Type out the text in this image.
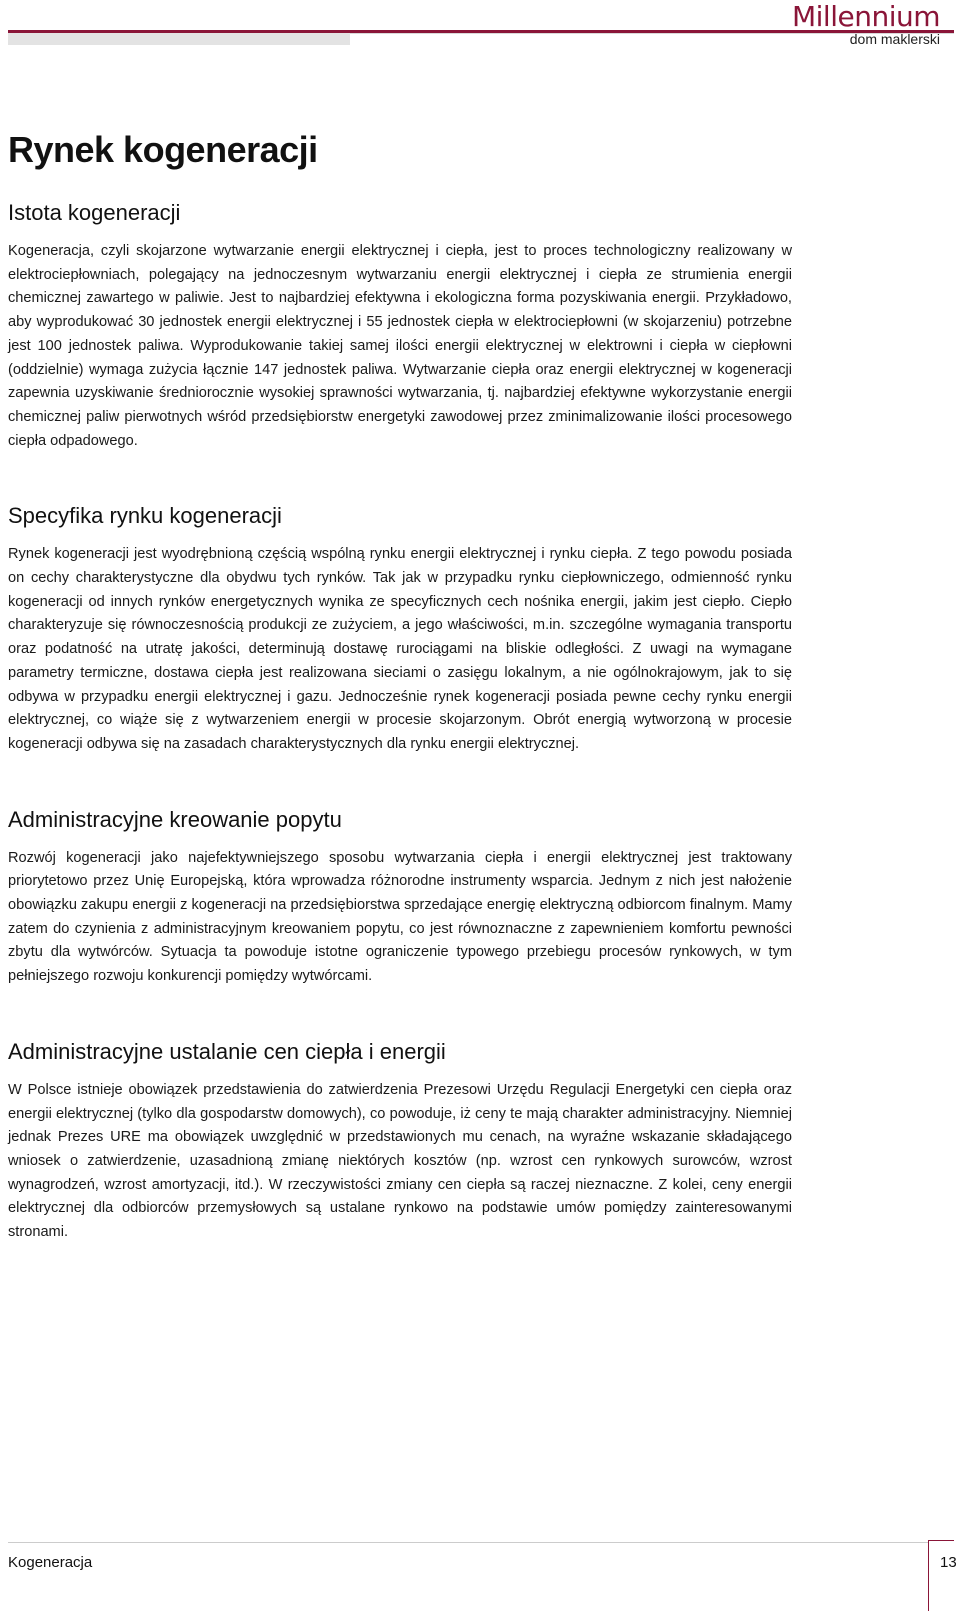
Millennium
dom maklerski
Rynek kogeneracji
Istota kogeneracji

Kogeneracja, czyli skojarzone wytwarzanie energii elektrycznej i ciepła, jest to proces technologiczny realizowany w elektrociepłowniach, polegający na jednoczesnym wytwarzaniu energii elektrycznej i ciepła ze strumienia energii chemicznej zawartego w paliwie. Jest to najbardziej efektywna i ekologiczna forma pozyskiwania energii. Przykładowo, aby wyprodukować 30 jednostek energii elektrycznej i 55 jednostek ciepła w elektrociepłowni (w skojarzeniu) potrzebne jest 100 jednostek paliwa. Wyprodukowanie takiej samej ilości energii elektrycznej w elektrowni i ciepła w ciepłowni (oddzielnie) wymaga zużycia łącznie 147 jednostek paliwa. Wytwarzanie ciepła oraz energii elektrycznej w kogeneracji zapewnia uzyskiwanie średniorocznie wysokiej sprawności wytwarzania, tj. najbardziej efektywne wykorzystanie energii chemicznej paliw pierwotnych wśród przedsiębiorstw energetyki zawodowej przez zminimalizowanie ilości procesowego ciepła odpadowego.

Specyfika rynku kogeneracji

Rynek kogeneracji jest wyodrębnioną częścią wspólną rynku energii elektrycznej i rynku ciepła. Z tego powodu posiada on cechy charakterystyczne dla obydwu tych rynków. Tak jak w przypadku rynku ciepłowniczego, odmienność rynku kogeneracji od innych rynków energetycznych wynika ze specyficznych cech nośnika energii, jakim jest ciepło. Ciepło charakteryzuje się równoczesnością produkcji ze zużyciem, a jego właściwości, m.in. szczególne wymagania transportu oraz podatność na utratę jakości, determinują dostawę rurociągami na bliskie odległości. Z uwagi na wymagane parametry termiczne, dostawa ciepła jest realizowana sieciami o zasięgu lokalnym, a nie ogólnokrajowym, jak to się odbywa w przypadku energii elektrycznej i gazu. Jednocześnie rynek kogeneracji posiada pewne cechy rynku energii elektrycznej, co wiąże się z wytwarzeniem energii w procesie skojarzonym. Obrót energią wytworzoną w procesie kogeneracji odbywa się na zasadach charakterystycznych dla rynku energii elektrycznej.

Administracyjne kreowanie popytu

Rozwój kogeneracji jako najefektywniejszego sposobu wytwarzania ciepła i energii elektrycznej jest traktowany priorytetowo przez Unię Europejską, która wprowadza różnorodne instrumenty wsparcia. Jednym z nich jest nałożenie obowiązku zakupu energii z kogeneracji na przedsiębiorstwa sprzedające energię elektryczną odbiorcom finalnym. Mamy zatem do czynienia z administracyjnym kreowaniem popytu, co jest równoznaczne z zapewnieniem komfortu pewności zbytu dla wytwórców. Sytuacja ta powoduje istotne ograniczenie typowego przebiegu procesów rynkowych, w tym pełniejszego rozwoju konkurencji pomiędzy wytwórcami.

Administracyjne ustalanie cen ciepła i energii

W Polsce istnieje obowiązek przedstawienia do zatwierdzenia Prezesowi Urzędu Regulacji Energetyki cen ciepła oraz energii elektrycznej (tylko dla gospodarstw domowych), co powoduje, iż ceny te mają charakter administracyjny. Niemniej jednak Prezes URE ma obowiązek uwzględnić w przedstawionych mu cenach, na wyraźne wskazanie składającego wniosek o zatwierdzenie, uzasadnioną zmianę niektórych kosztów (np. wzrost cen rynkowych surowców, wzrost wynagrodzeń, wzrost amortyzacji, itd.). W rzeczywistości zmiany cen ciepła są raczej nieznaczne. Z kolei, ceny energii elektrycznej dla odbiorców przemysłowych są ustalane rynkowo na podstawie umów pomiędzy zainteresowanymi stronami.

Kogeneracja	13
